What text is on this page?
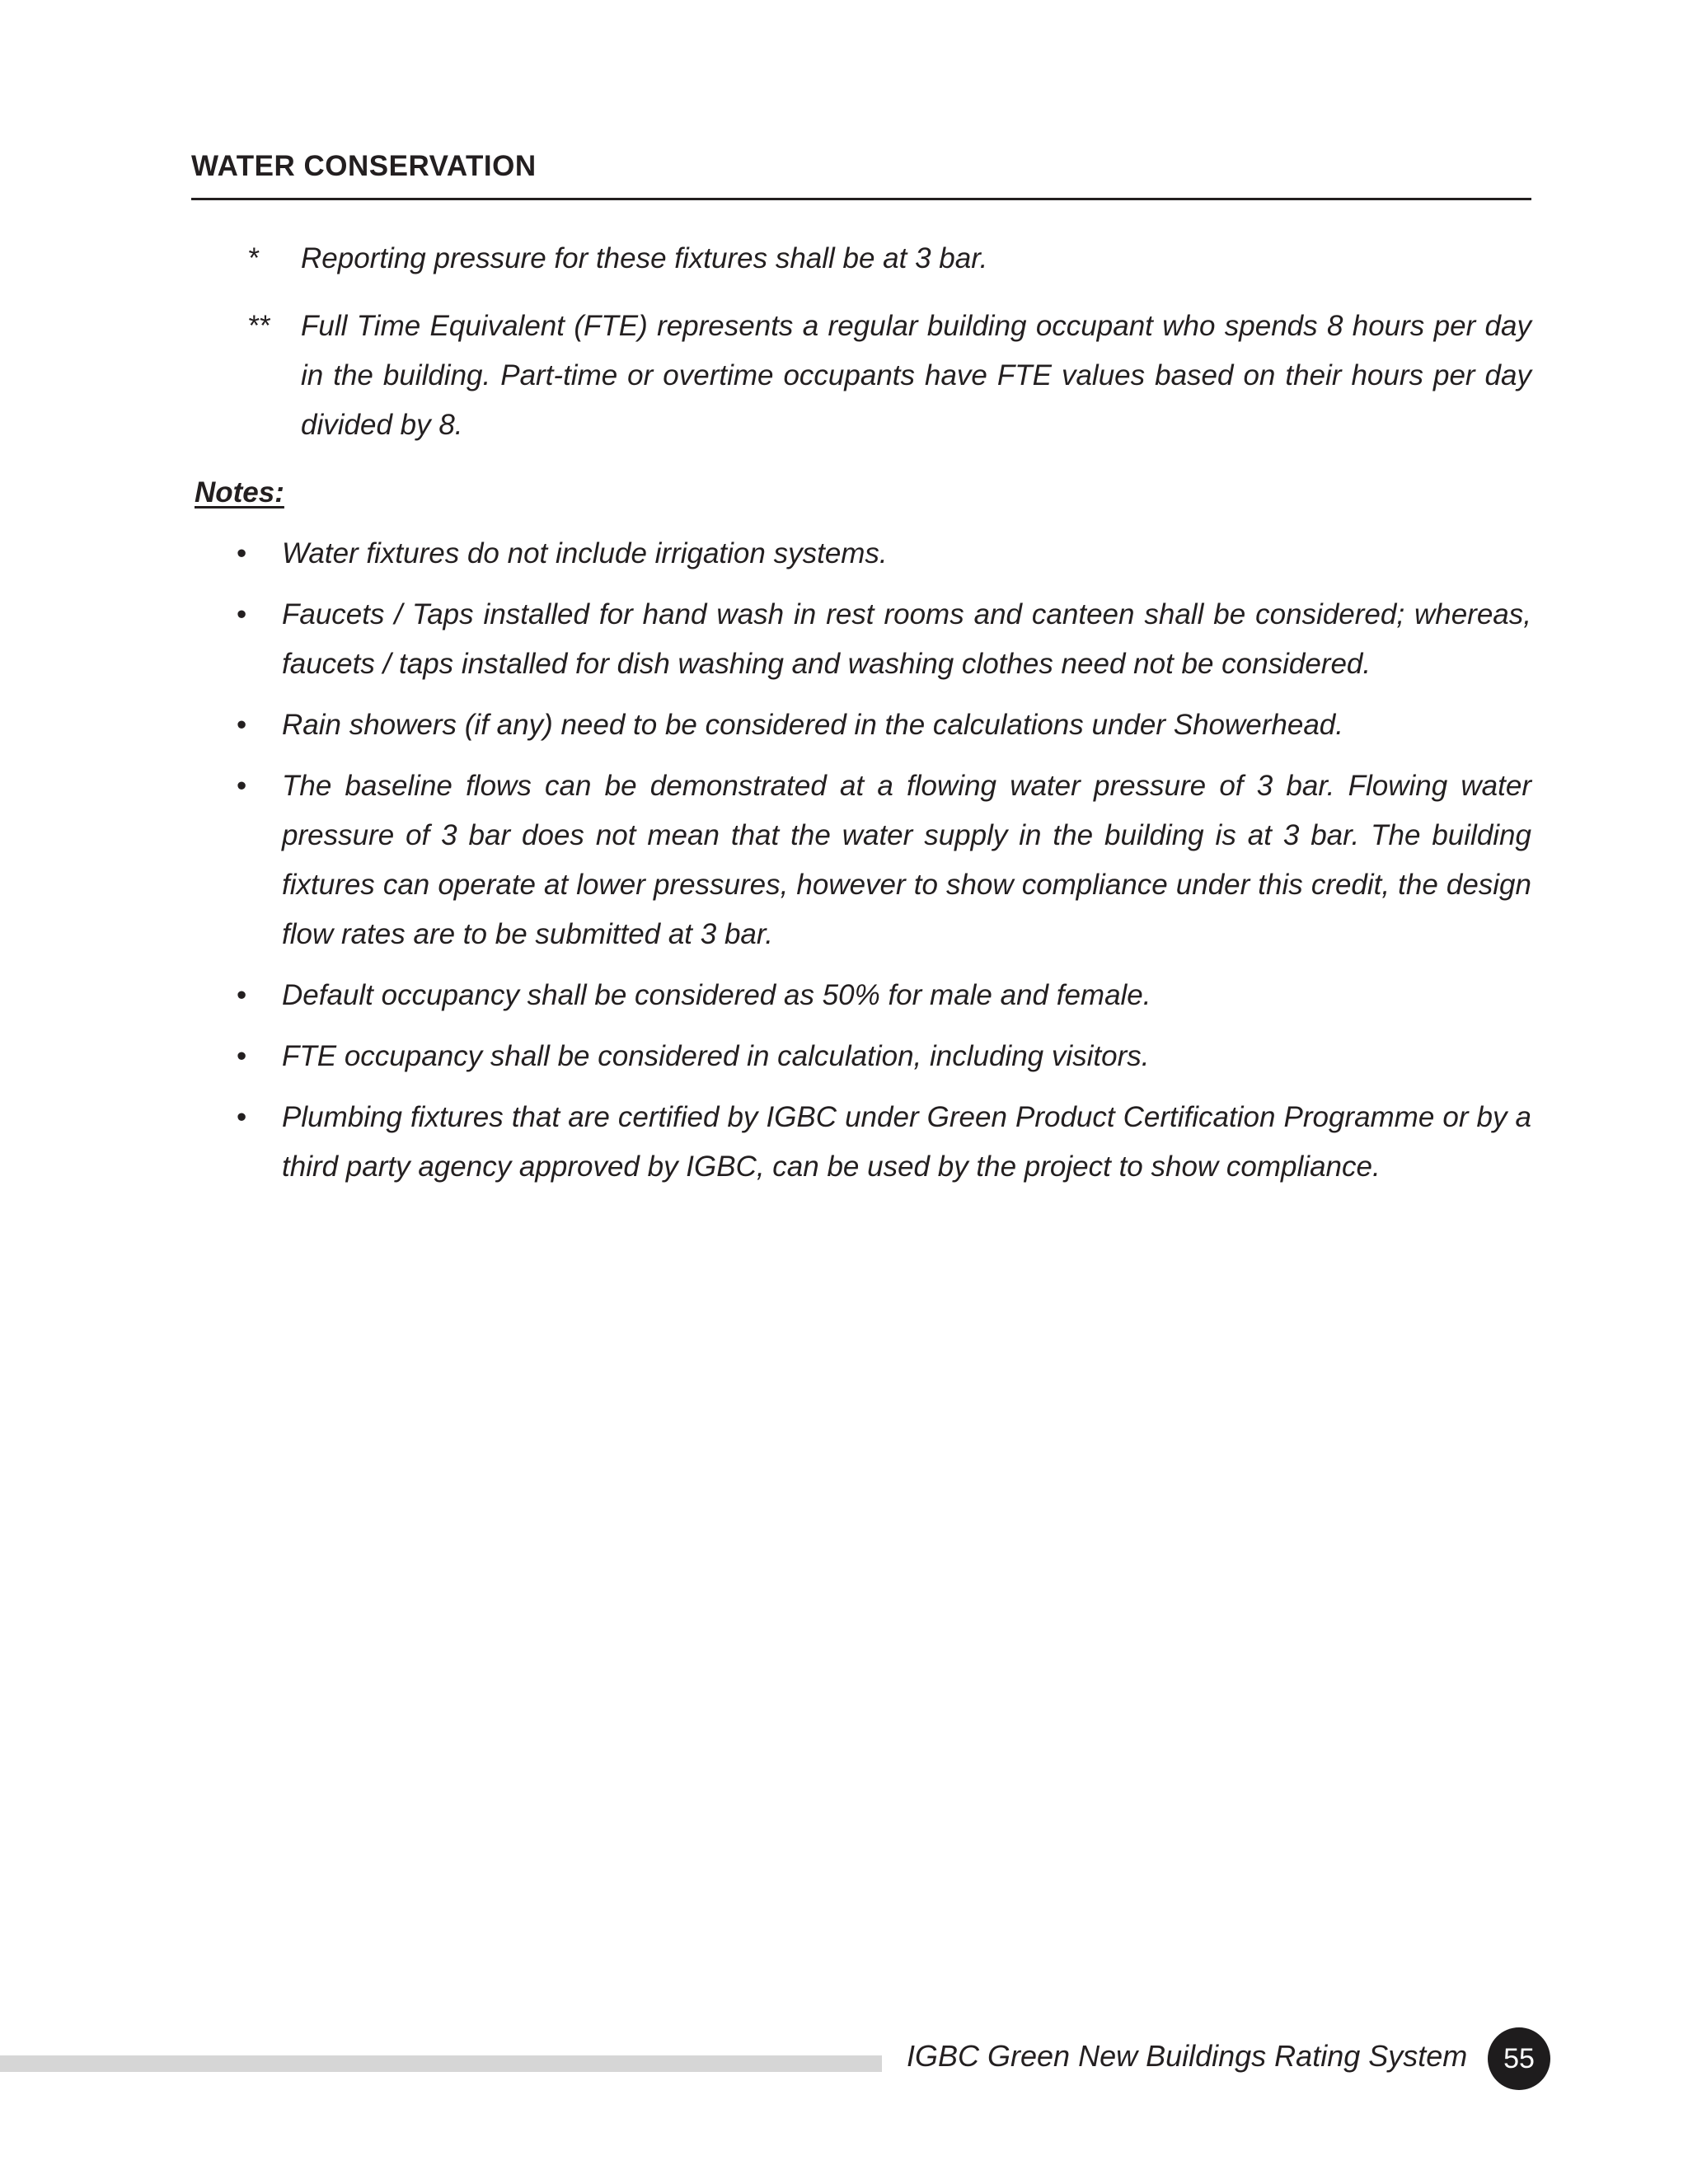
WATER CONSERVATION

* Reporting pressure for these fixtures shall be at 3 bar.

** Full Time Equivalent (FTE) represents a regular building occupant who spends 8 hours per day in the building. Part-time or overtime occupants have FTE values based on their hours per day divided by 8.

Notes:
• Water fixtures do not include irrigation systems.
• Faucets / Taps installed for hand wash in rest rooms and canteen shall be considered; whereas, faucets / taps installed for dish washing and washing clothes need not be considered.
• Rain showers (if any) need to be considered in the calculations under Showerhead.
• The baseline flows can be demonstrated at a flowing water pressure of 3 bar. Flowing water pressure of 3 bar does not mean that the water supply in the building is at 3 bar. The building fixtures can operate at lower pressures, however to show compliance under this credit, the design flow rates are to be submitted at 3 bar.
• Default occupancy shall be considered as 50% for male and female.
• FTE occupancy shall be considered in calculation, including visitors.
• Plumbing fixtures that are certified by IGBC under Green Product Certification Programme or by a third party agency approved by IGBC, can be used by the project to show compliance.
IGBC Green New Buildings Rating System	55
